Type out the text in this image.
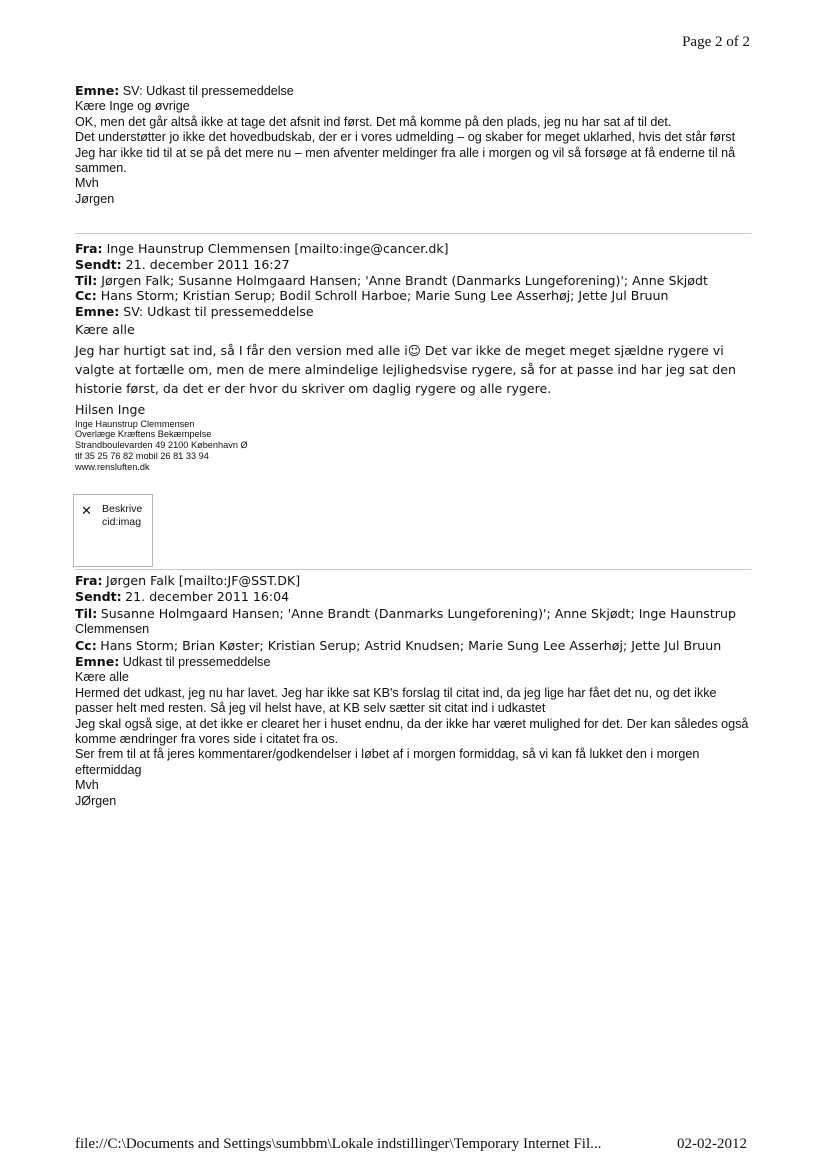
Page 2 of 2
Emne: SV: Udkast til pressemeddelse
Kære Inge og øvrige
OK, men det går altså ikke at tage det afsnit ind først. Det må komme på den plads, jeg nu har sat af til det.
Det understøtter jo ikke det hovedbudskab, der er i vores udmelding – og skaber for meget uklarhed, hvis det står først
Jeg har ikke tid til at se på det mere nu – men afventer meldinger fra alle i morgen og vil så forsøge at få enderne til nå sammen.
Mvh
Jørgen
Fra: Inge Haunstrup Clemmensen [mailto:inge@cancer.dk]
Sendt: 21. december 2011 16:27
Til: Jørgen Falk; Susanne Holmgaard Hansen; 'Anne Brandt (Danmarks Lungeforening)'; Anne Skjødt
Cc: Hans Storm; Kristian Serup; Bodil Schroll Harboe; Marie Sung Lee Asserhøj; Jette Jul Bruun
Emne: SV: Udkast til pressemeddelse
Kære alle
Jeg har hurtigt sat ind, så I får den version med alle i☺ Det var ikke de meget meget sjældne rygere vi valgte at fortælle om, men de mere almindelige lejlighedsvise rygere, så for at passe ind har jeg sat den historie først, da det er der hvor du skriver om daglig rygere og alle rygere.
Hilsen Inge
Inge Haunstrup Clemmensen
Overlæge Kræftens Bekæmpelse
Strandboulevarden 49 2100 København Ø
tlf 35 25 76 82 mobil 26 81 33 94
www.rensluften.dk
✕ Beskrive
cid:imag
Fra: Jørgen Falk [mailto:JF@SST.DK]
Sendt: 21. december 2011 16:04
Til: Susanne Holmgaard Hansen; 'Anne Brandt (Danmarks Lungeforening)'; Anne Skjødt; Inge Haunstrup
Clemmensen
Cc: Hans Storm; Brian Køster; Kristian Serup; Astrid Knudsen; Marie Sung Lee Asserhøj; Jette Jul Bruun
Emne: Udkast til pressemeddelse
Kære alle
Hermed det udkast, jeg nu har lavet. Jeg har ikke sat KB's forslag til citat ind, da jeg lige har fået det nu, og det ikke passer helt med resten. Så jeg vil helst have, at KB selv sætter sit citat ind i udkastet
Jeg skal også sige, at det ikke er clearet her i huset endnu, da der ikke har været mulighed for det. Der kan således også komme ændringer fra vores side i citatet fra os.
Ser frem til at få jeres kommentarer/godkendelser i løbet af i morgen formiddag, så vi kan få lukket den i morgen eftermiddag
Mvh
JØrgen
file://C:\Documents and Settings\sumbbm\Lokale indstillinger\Temporary Internet Fil...	02-02-2012
